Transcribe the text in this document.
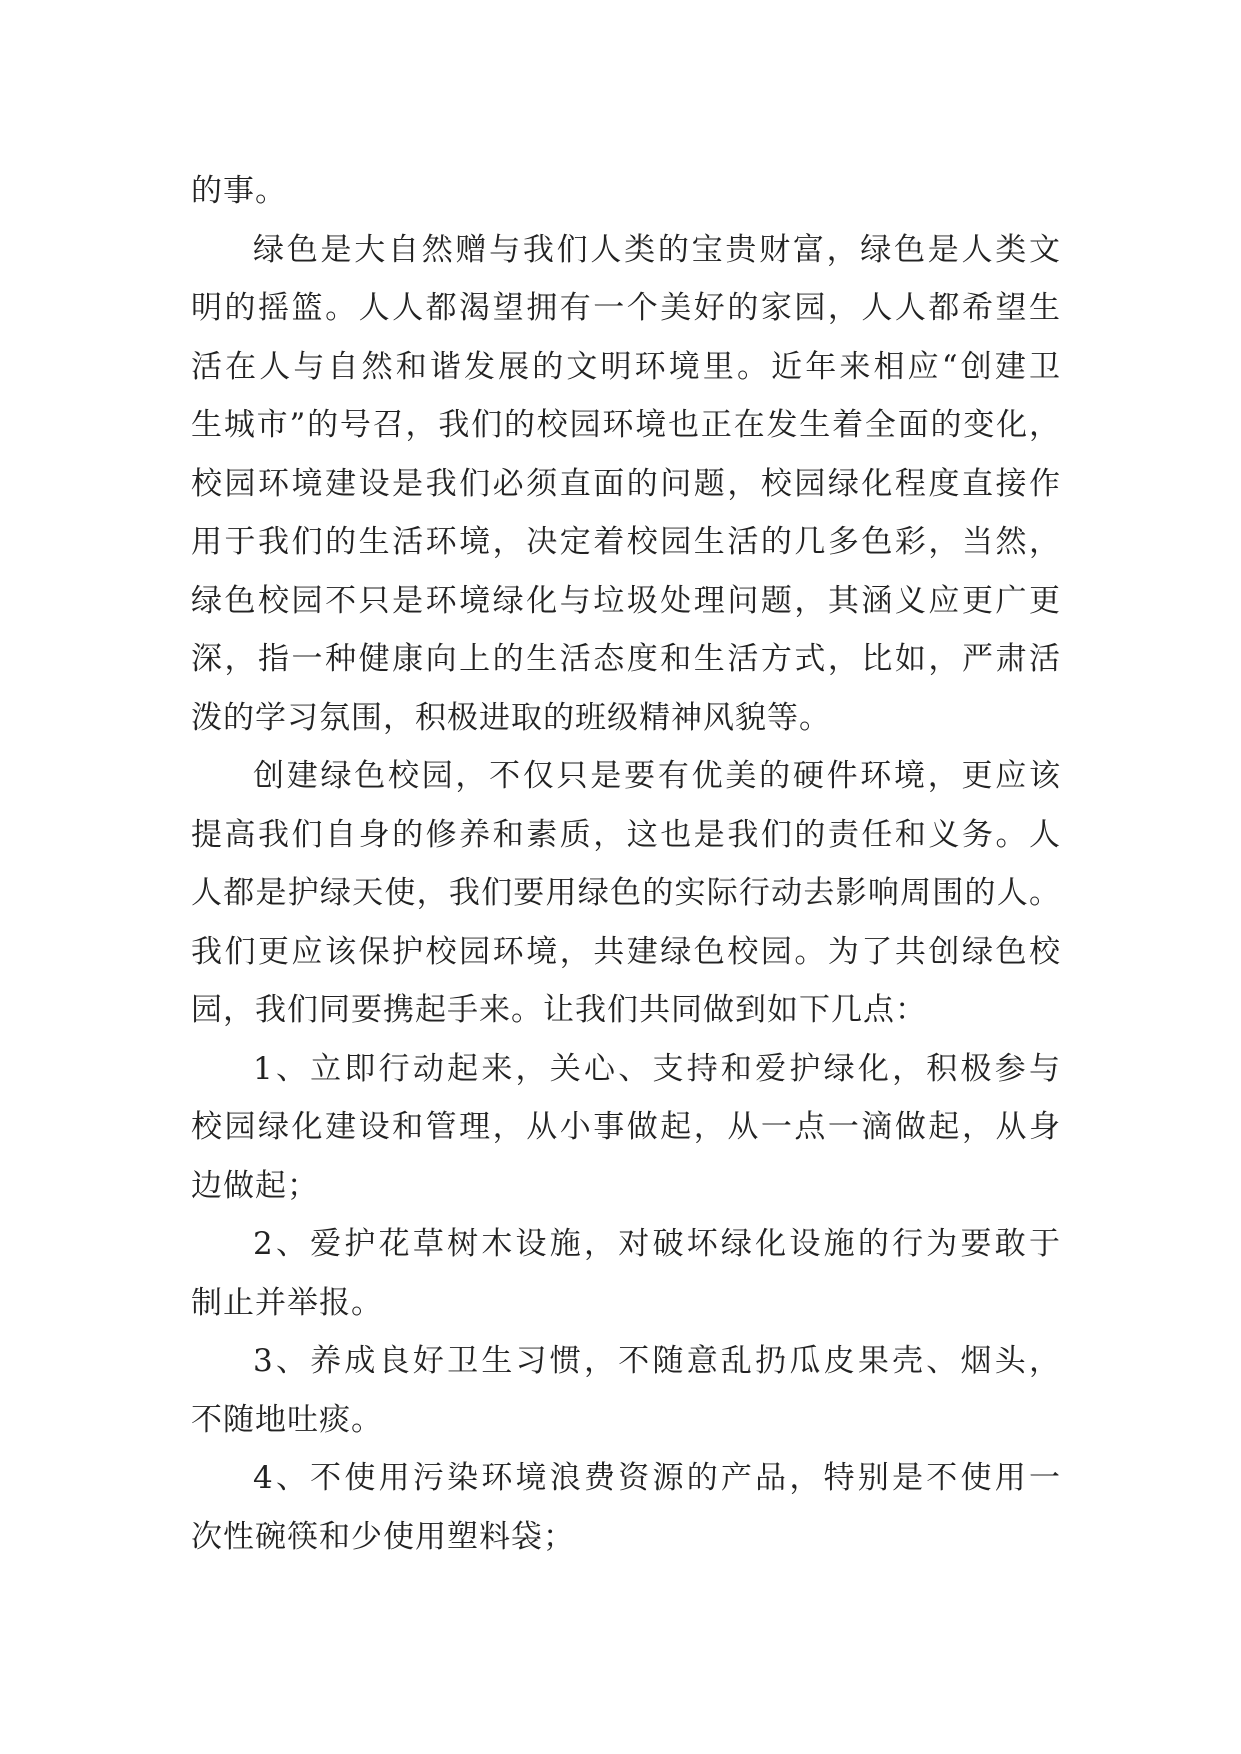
的事。
绿色是大自然赠与我们人类的宝贵财富，绿色是人类文
明的摇篮。人人都渴望拥有一个美好的家园，人人都希望生
活在人与自然和谐发展的文明环境里。近年来相应“创建卫
生城市”的号召，我们的校园环境也正在发生着全面的变化，
校园环境建设是我们必须直面的问题，校园绿化程度直接作
用于我们的生活环境，决定着校园生活的几多色彩，当然，
绿色校园不只是环境绿化与垃圾处理问题，其涵义应更广更
深，指一种健康向上的生活态度和生活方式，比如，严肃活
泼的学习氛围，积极进取的班级精神风貌等。
创建绿色校园，不仅只是要有优美的硬件环境，更应该
提高我们自身的修养和素质，这也是我们的责任和义务。人
人都是护绿天使，我们要用绿色的实际行动去影响周围的人。
我们更应该保护校园环境，共建绿色校园。为了共创绿色校
园，我们同要携起手来。让我们共同做到如下几点：
1、立即行动起来，关心、支持和爱护绿化，积极参与
校园绿化建设和管理，从小事做起，从一点一滴做起，从身
边做起；
2、爱护花草树木设施，对破坏绿化设施的行为要敢于
制止并举报。
3、养成良好卫生习惯，不随意乱扔瓜皮果壳、烟头，
不随地吐痰。
4、不使用污染环境浪费资源的产品，特别是不使用一
次性碗筷和少使用塑料袋；
